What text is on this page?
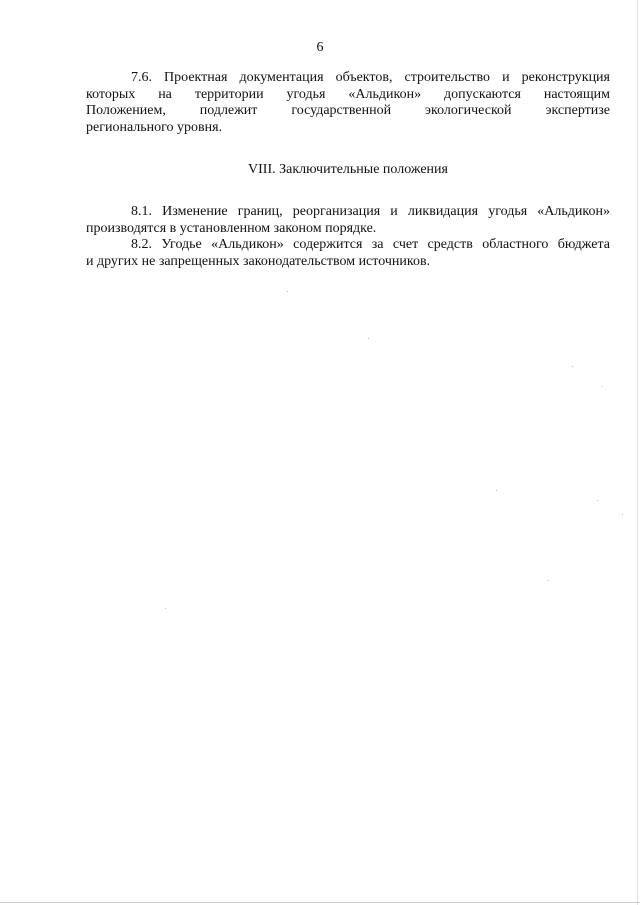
6

7.6. Проектная документация объектов, строительство и реконструкция

которых на территории угодья «Альдикон» допускаются настоящим

Положением, подлежит государственной экологической экспертизе

регионального уровня.

VIII. Заключительные положения

8.1. Изменение границ, реорганизация и ликвидация угодья «Альдикон»

производятся в установленном законом порядке.

8.2. Угодье «Альдикон» содержится за счет средств областного бюджета

и других не запрещенных законодательством источников.
